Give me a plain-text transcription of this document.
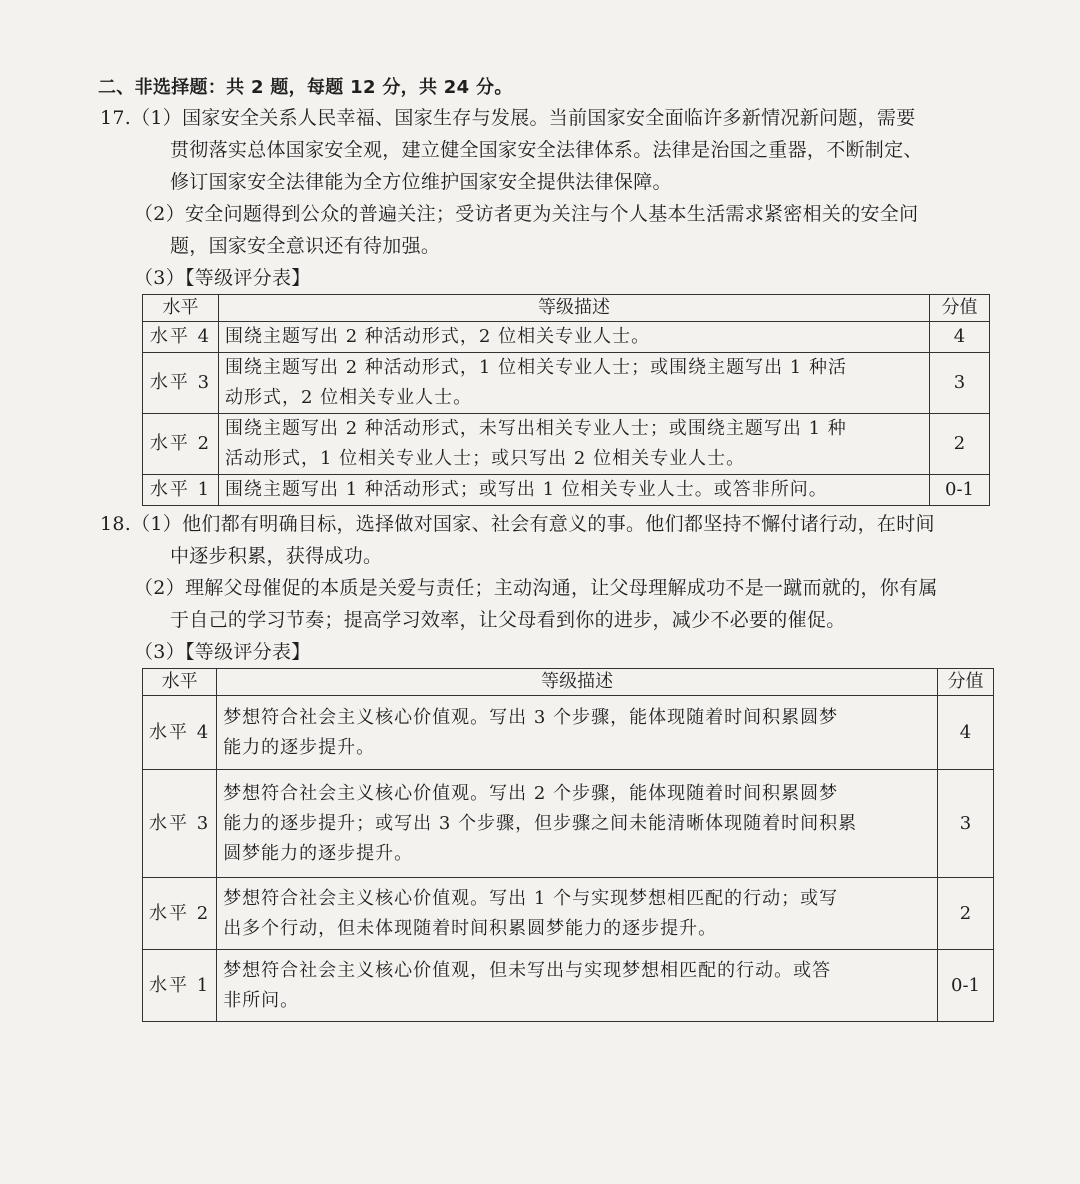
二、非选择题：共 2 题，每题 12 分，共 24 分。
17.（1）国家安全关系人民幸福、国家生存与发展。当前国家安全面临许多新情况新问题，需要
贯彻落实总体国家安全观，建立健全国家安全法律体系。法律是治国之重器，不断制定、
修订国家安全法律能为全方位维护国家安全提供法律保障。
（2）安全问题得到公众的普遍关注；受访者更为关注与个人基本生活需求紧密相关的安全问
题，国家安全意识还有待加强。
（3）【等级评分表】
水平	等级描述	分值
水平 4	围绕主题写出 2 种活动形式，2 位相关专业人士。	4
水平 3	围绕主题写出 2 种活动形式，1 位相关专业人士；或围绕主题写出 1 种活
动形式，2 位相关专业人士。	3
水平 2	围绕主题写出 2 种活动形式，未写出相关专业人士；或围绕主题写出 1 种
活动形式，1 位相关专业人士；或只写出 2 位相关专业人士。	2
水平 1	围绕主题写出 1 种活动形式；或写出 1 位相关专业人士。或答非所问。	0-1
18.（1）他们都有明确目标，选择做对国家、社会有意义的事。他们都坚持不懈付诸行动，在时间
中逐步积累，获得成功。
（2）理解父母催促的本质是关爱与责任；主动沟通，让父母理解成功不是一蹴而就的，你有属
于自己的学习节奏；提高学习效率，让父母看到你的进步，减少不必要的催促。
（3）【等级评分表】
水平	等级描述	分值
水平 4	梦想符合社会主义核心价值观。写出 3 个步骤，能体现随着时间积累圆梦
能力的逐步提升。	4
水平 3	梦想符合社会主义核心价值观。写出 2 个步骤，能体现随着时间积累圆梦
能力的逐步提升；或写出 3 个步骤，但步骤之间未能清晰体现随着时间积累
圆梦能力的逐步提升。	3
水平 2	梦想符合社会主义核心价值观。写出 1 个与实现梦想相匹配的行动；或写
出多个行动，但未体现随着时间积累圆梦能力的逐步提升。	2
水平 1	梦想符合社会主义核心价值观，但未写出与实现梦想相匹配的行动。或答
非所问。	0-1
